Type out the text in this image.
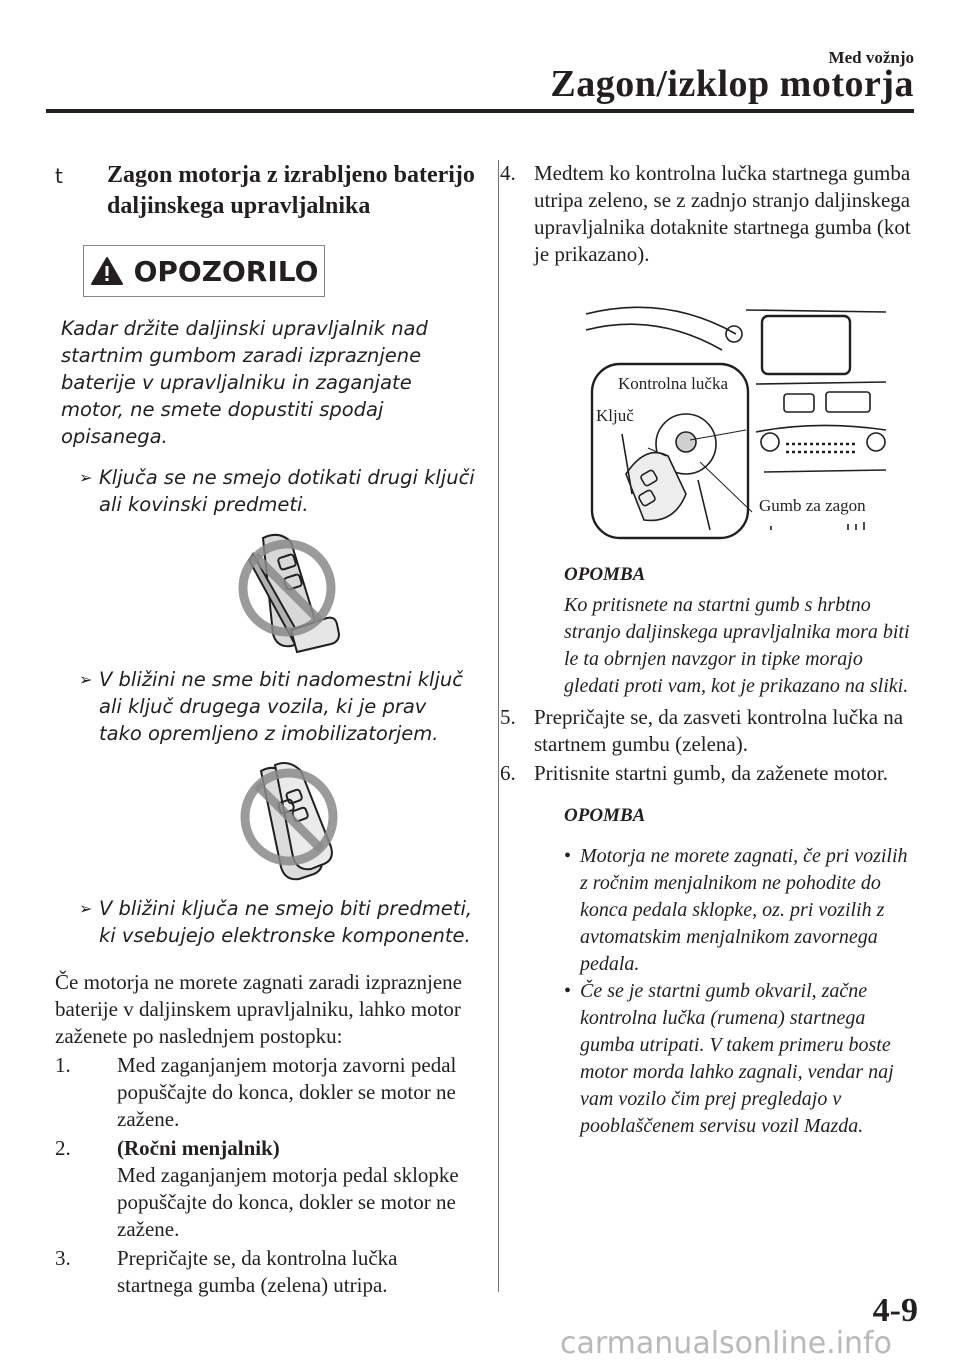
Med vožnjo
Zagon/izklop motorja
t Zagon motorja z izrabljeno baterijo daljinskega upravljalnika
OPOZORILO
Kadar držite daljinski upravljalnik nad startnim gumbom zaradi izpraznjene baterije v upravljalniku in zaganjate motor, ne smete dopustiti spodaj opisanega.
➢ Ključa se ne smejo dotikati drugi ključi ali kovinski predmeti.
➢ V bližini ne sme biti nadomestni ključ ali ključ drugega vozila, ki je prav tako opremljeno z imobilizatorjem.
➢ V bližini ključa ne smejo biti predmeti, ki vsebujejo elektronske komponente.
Če motorja ne morete zagnati zaradi izpraznjene baterije v daljinskem upravljalniku, lahko motor zaženete po naslednjem postopku:
1.	Med zaganjanjem motorja zavorni pedal popuščajte do konca, dokler se motor ne zažene.
2.	(Ročni menjalnik)
Med zaganjanjem motorja pedal sklopke popuščajte do konca, dokler se motor ne zažene.
3.	Prepričajte se, da kontrolna lučka startnega gumba (zelena) utripa.
4. Medtem ko kontrolna lučka startnega gumba utripa zeleno, se z zadnjo stranjo daljinskega upravljalnika dotaknite startnega gumba (kot je prikazano).
Kontrolna lučka
Ključ
Gumb za zagon
OPOMBA
Ko pritisnete na startni gumb s hrbtno stranjo daljinskega upravljalnika mora biti le ta obrnjen navzgor in tipke morajo gledati proti vam, kot je prikazano na sliki.
5. Prepričajte se, da zasveti kontrolna lučka na startnem gumbu (zelena).
6. Pritisnite startni gumb, da zaženete motor.
OPOMBA
• Motorja ne morete zagnati, če pri vozilih z ročnim menjalnikom ne pohodite do konca pedala sklopke, oz. pri vozilih z avtomatskim menjalnikom zavornega pedala.
• Če se je startni gumb okvaril, začne kontrolna lučka (rumena) startnega gumba utripati. V takem primeru boste motor morda lahko zagnali, vendar naj vam vozilo čim prej pregledajo v pooblaščenem servisu vozil Mazda.
4-9
carmanualsonline.info
